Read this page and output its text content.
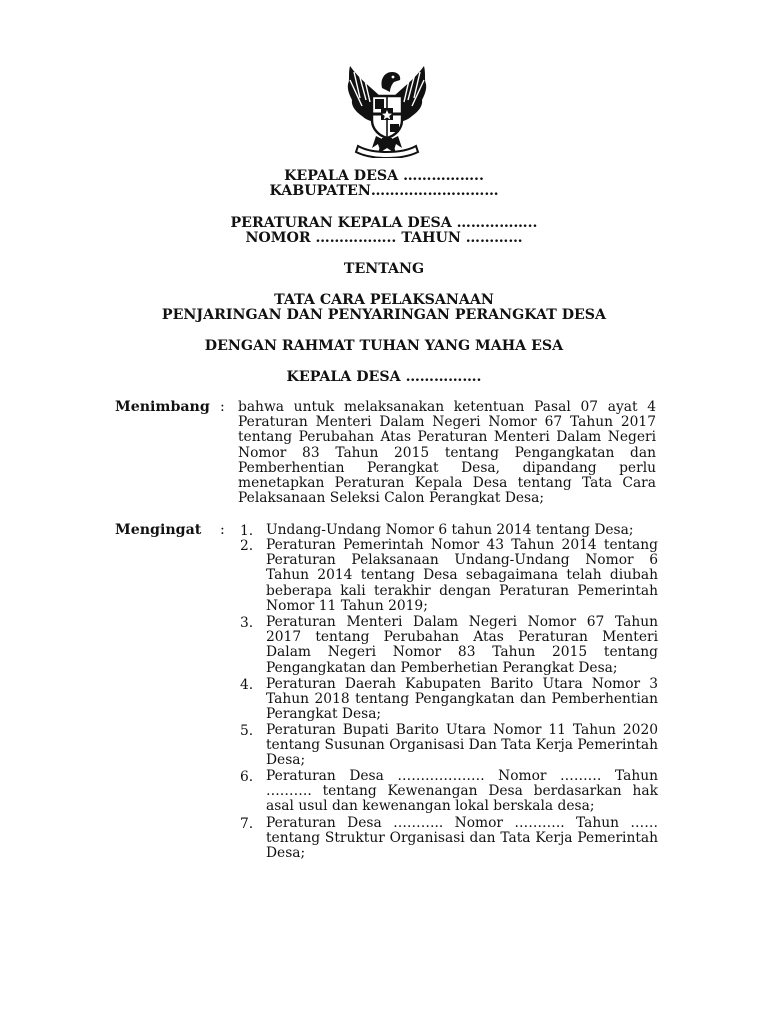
KEPALA DESA ……………..
KABUPATEN………………………
PERATURAN KEPALA DESA ……………..
NOMOR …………….. TAHUN …………
TENTANG
TATA CARA PELAKSANAAN
PENJARINGAN DAN PENYARINGAN PERANGKAT DESA
DENGAN RAHMAT TUHAN YANG MAHA ESA
KEPALA DESA …………….
Menimbang : bahwa untuk melaksanakan ketentuan Pasal 07 ayat 4 Peraturan Menteri Dalam Negeri Nomor 67 Tahun 2017 tentang Perubahan Atas Peraturan Menteri Dalam Negeri Nomor 83 Tahun 2015 tentang Pengangkatan dan Pemberhentian Perangkat Desa, dipandang perlu menetapkan Peraturan Kepala Desa tentang Tata Cara Pelaksanaan Seleksi Calon Perangkat Desa;
Mengingat : 1. Undang-Undang Nomor 6 tahun 2014 tentang Desa;
2. Peraturan Pemerintah Nomor 43 Tahun 2014 tentang Peraturan Pelaksanaan Undang-Undang Nomor 6 Tahun 2014 tentang Desa sebagaimana telah diubah beberapa kali terakhir dengan Peraturan Pemerintah Nomor 11 Tahun 2019;
3. Peraturan Menteri Dalam Negeri Nomor 67 Tahun 2017 tentang Perubahan Atas Peraturan Menteri Dalam Negeri Nomor 83 Tahun 2015 tentang Pengangkatan dan Pemberhetian Perangkat Desa;
4. Peraturan Daerah Kabupaten Barito Utara Nomor 3 Tahun 2018 tentang Pengangkatan dan Pemberhentian Perangkat Desa;
5. Peraturan Bupati Barito Utara Nomor 11 Tahun 2020 tentang Susunan Organisasi Dan Tata Kerja Pemerintah Desa;
6. Peraturan Desa ………………. Nomor ……… Tahun ………. tentang Kewenangan Desa berdasarkan hak asal usul dan kewenangan lokal berskala desa;
7. Peraturan Desa ……….. Nomor ……….. Tahun …… tentang Struktur Organisasi dan Tata Kerja Pemerintah Desa;
